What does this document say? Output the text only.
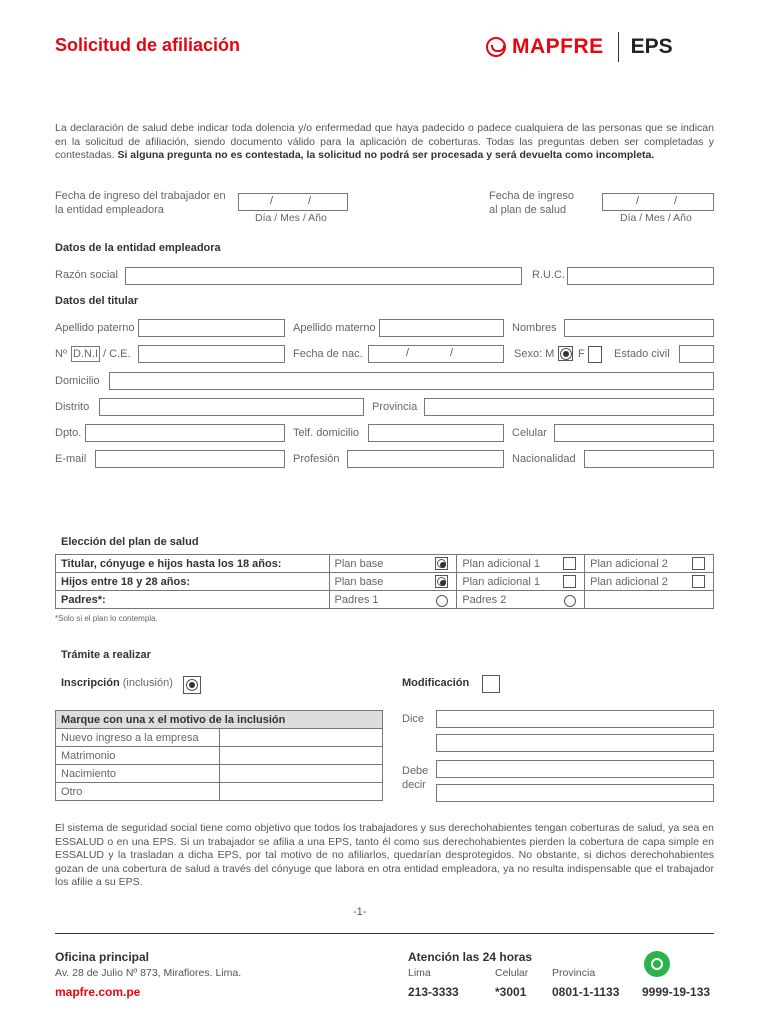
Solicitud de afiliación	MAPFRE EPS
La declaración de salud debe indicar toda dolencia y/o enfermedad que haya padecido o padece cualquiera de las personas que se indican en la solicitud de afiliación, siendo documento válido para la aplicación de coberturas. Todas las preguntas deben ser completadas y contestadas. Si alguna pregunta no es contestada, la solicitud no podrá ser procesada y será devuelta como incompleta.
Fecha de ingreso del trabajador en la entidad empleadora
/	/
Día / Mes / Año
Fecha de ingreso al plan de salud
/	/
Día / Mes / Año
Datos de la entidad empleadora
Razón social	R.U.C.
Datos del titular
Apellido paterno	Apellido materno	Nombres
Nº D.N.I / C.E.	Fecha de nac.	/	/	Sexo: M F	Estado civil
Domicilio
Distrito	Provincia
Dpto.	Telf. domicilio	Celular
E-mail	Profesión	Nacionalidad
Elección del plan de salud
Titular, cónyuge e hijos hasta los 18 años:	Plan base	Plan adicional 1	Plan adicional 2

Hijos entre 18 y 28 años:	Plan base	Plan adicional 1	Plan adicional 2

Padres*:	Padres 1	Padres 2

*Solo si el plan lo contempla.
Trámite a realizar
Inscripción (inclusión)	Modificación
Marque con una x el motivo de la inclusión	
Nuevo ingreso a la empresa	
Matrimonio	
Nacimiento	
Otro	
Dice
Debe
decir
El sistema de seguridad social tiene como objetivo que todos los trabajadores y sus derechohabientes tengan coberturas de salud, ya sea en ESSALUD o en una EPS. Si un trabajador se afilia a una EPS, tanto él como sus derechohabientes pierden la cobertura de capa simple en ESSALUD y la trasladan a dicha EPS, por tal motivo de no afiliarlos, quedarían desprotegidos. No obstante, si dichos derechohabientes gozan de una cobertura de salud a través del cónyuge que labora en otra entidad empleadora, ya no resulta indispensable que el trabajador los afilie a su EPS.
-1-
Oficina principal
Av. 28 de Julio Nº 873, Miraflores. Lima.
mapfre.com.pe
Atención las 24 horas
Lima
213-3333
Celular
*3001
Provincia
0801-1-1133 9999-19-133
